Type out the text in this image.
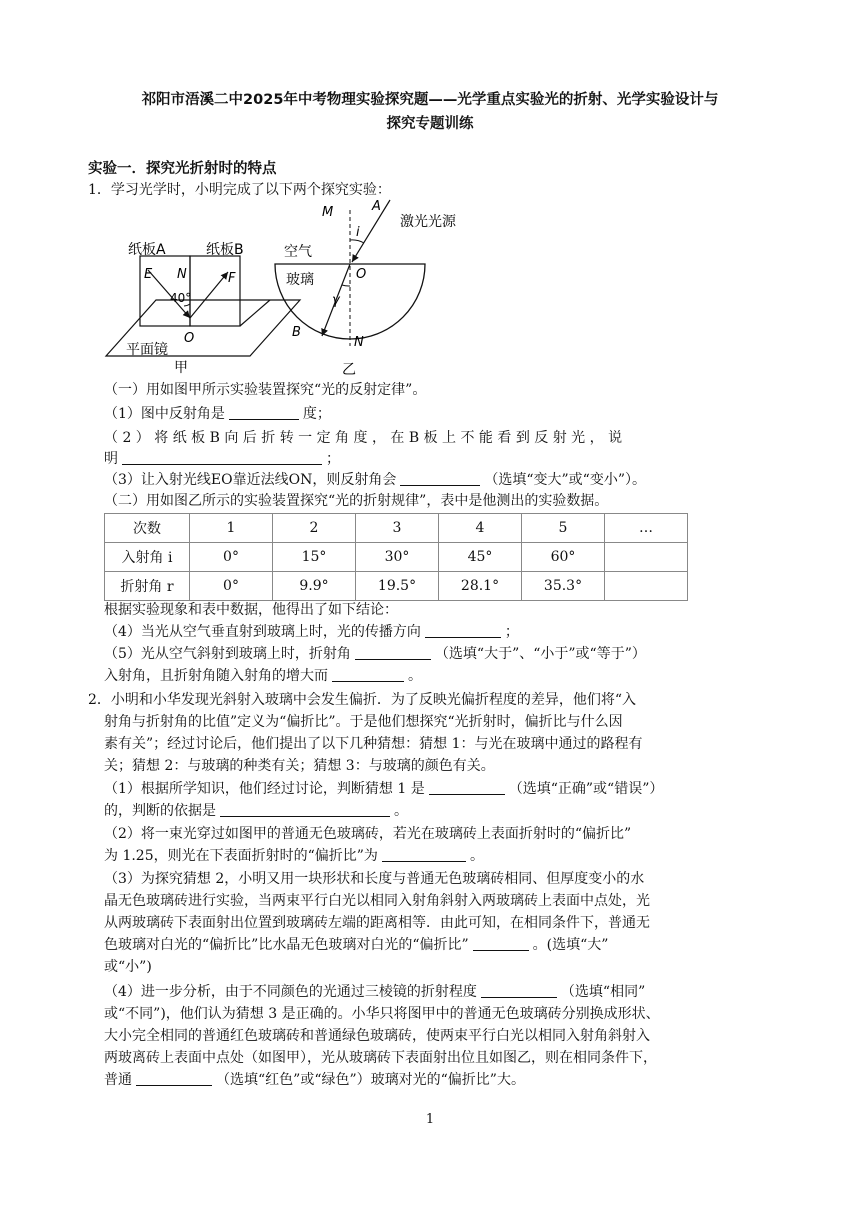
祁阳市浯溪二中2025年中考物理实验探究题——光学重点实验光的折射、光学实验设计与
探究专题训练
实验一．探究光折射时的特点
1．学习光学时，小明完成了以下两个探究实验：
纸板A	纸板B
E N	F
40°
O
平面镜
甲
M
i
A
激光光源
空气
O
玻璃
γ
B
N
乙
（一）用如图甲所示实验装置探究“光的反射定律”。
（1）图中反射角是	度；
（ 2 ） 将 纸 板 B 向 后 折 转 一 定 角 度 ， 在 B 板 上 不 能 看 到 反 射 光 ， 说
明	；
（3）让入射光线EO靠近法线ON，则反射角会	（选填“变大”或“变小”）。
（二）用如图乙所示的实验装置探究“光的折射规律”，表中是他测出的实验数据。
次数	1	2	3	4	5	…
入射角 i	0°	15°	30°	45°	60°	
折射角 r	0°	9.9°	19.5°	28.1°	35.3°	
根据实验现象和表中数据，他得出了如下结论：
（4）当光从空气垂直射到玻璃上时，光的传播方向	；
（5）光从空气斜射到玻璃上时，折射角	（选填“大于”、“小于”或“等于”）
入射角，且折射角随入射角的增大而	。
2．小明和小华发现光斜射入玻璃中会发生偏折．为了反映光偏折程度的差异，他们将“入
射角与折射角的比值”定义为“偏折比”。于是他们想探究“光折射时，偏折比与什么因
素有关”；经过讨论后，他们提出了以下几种猜想：猜想 1：与光在玻璃中通过的路程有
关；猜想 2：与玻璃的种类有关；猜想 3：与玻璃的颜色有关。
（1）根据所学知识，他们经过讨论，判断猜想 1 是	（选填“正确”或“错误”）
的，判断的依据是	。
（2）将一束光穿过如图甲的普通无色玻璃砖，若光在玻璃砖上表面折射时的“偏折比”
为 1.25，则光在下表面折射时的“偏折比”为	。
（3）为探究猜想 2，小明又用一块形状和长度与普通无色玻璃砖相同、但厚度变小的水
晶无色玻璃砖进行实验，当两束平行白光以相同入射角斜射入两玻璃砖上表面中点处，光
从两玻璃砖下表面射出位置到玻璃砖左端的距离相等．由此可知，在相同条件下，普通无
色玻璃对白光的“偏折比”比水晶无色玻璃对白光的“偏折比”	。(选填“大”
或“小”)
（4）进一步分析，由于不同颜色的光通过三棱镜的折射程度	（选填“相同”
或“不同”)，他们认为猜想 3 是正确的。小华只将图甲中的普通无色玻璃砖分别换成形状、
大小完全相同的普通红色玻璃砖和普通绿色玻璃砖，使两束平行白光以相同入射角斜射入
两玻离砖上表面中点处（如图甲），光从玻璃砖下表面射出位且如图乙，则在相同条件下，
普通	（选填“红色”或“绿色”）玻璃对光的“偏折比”大。
1
